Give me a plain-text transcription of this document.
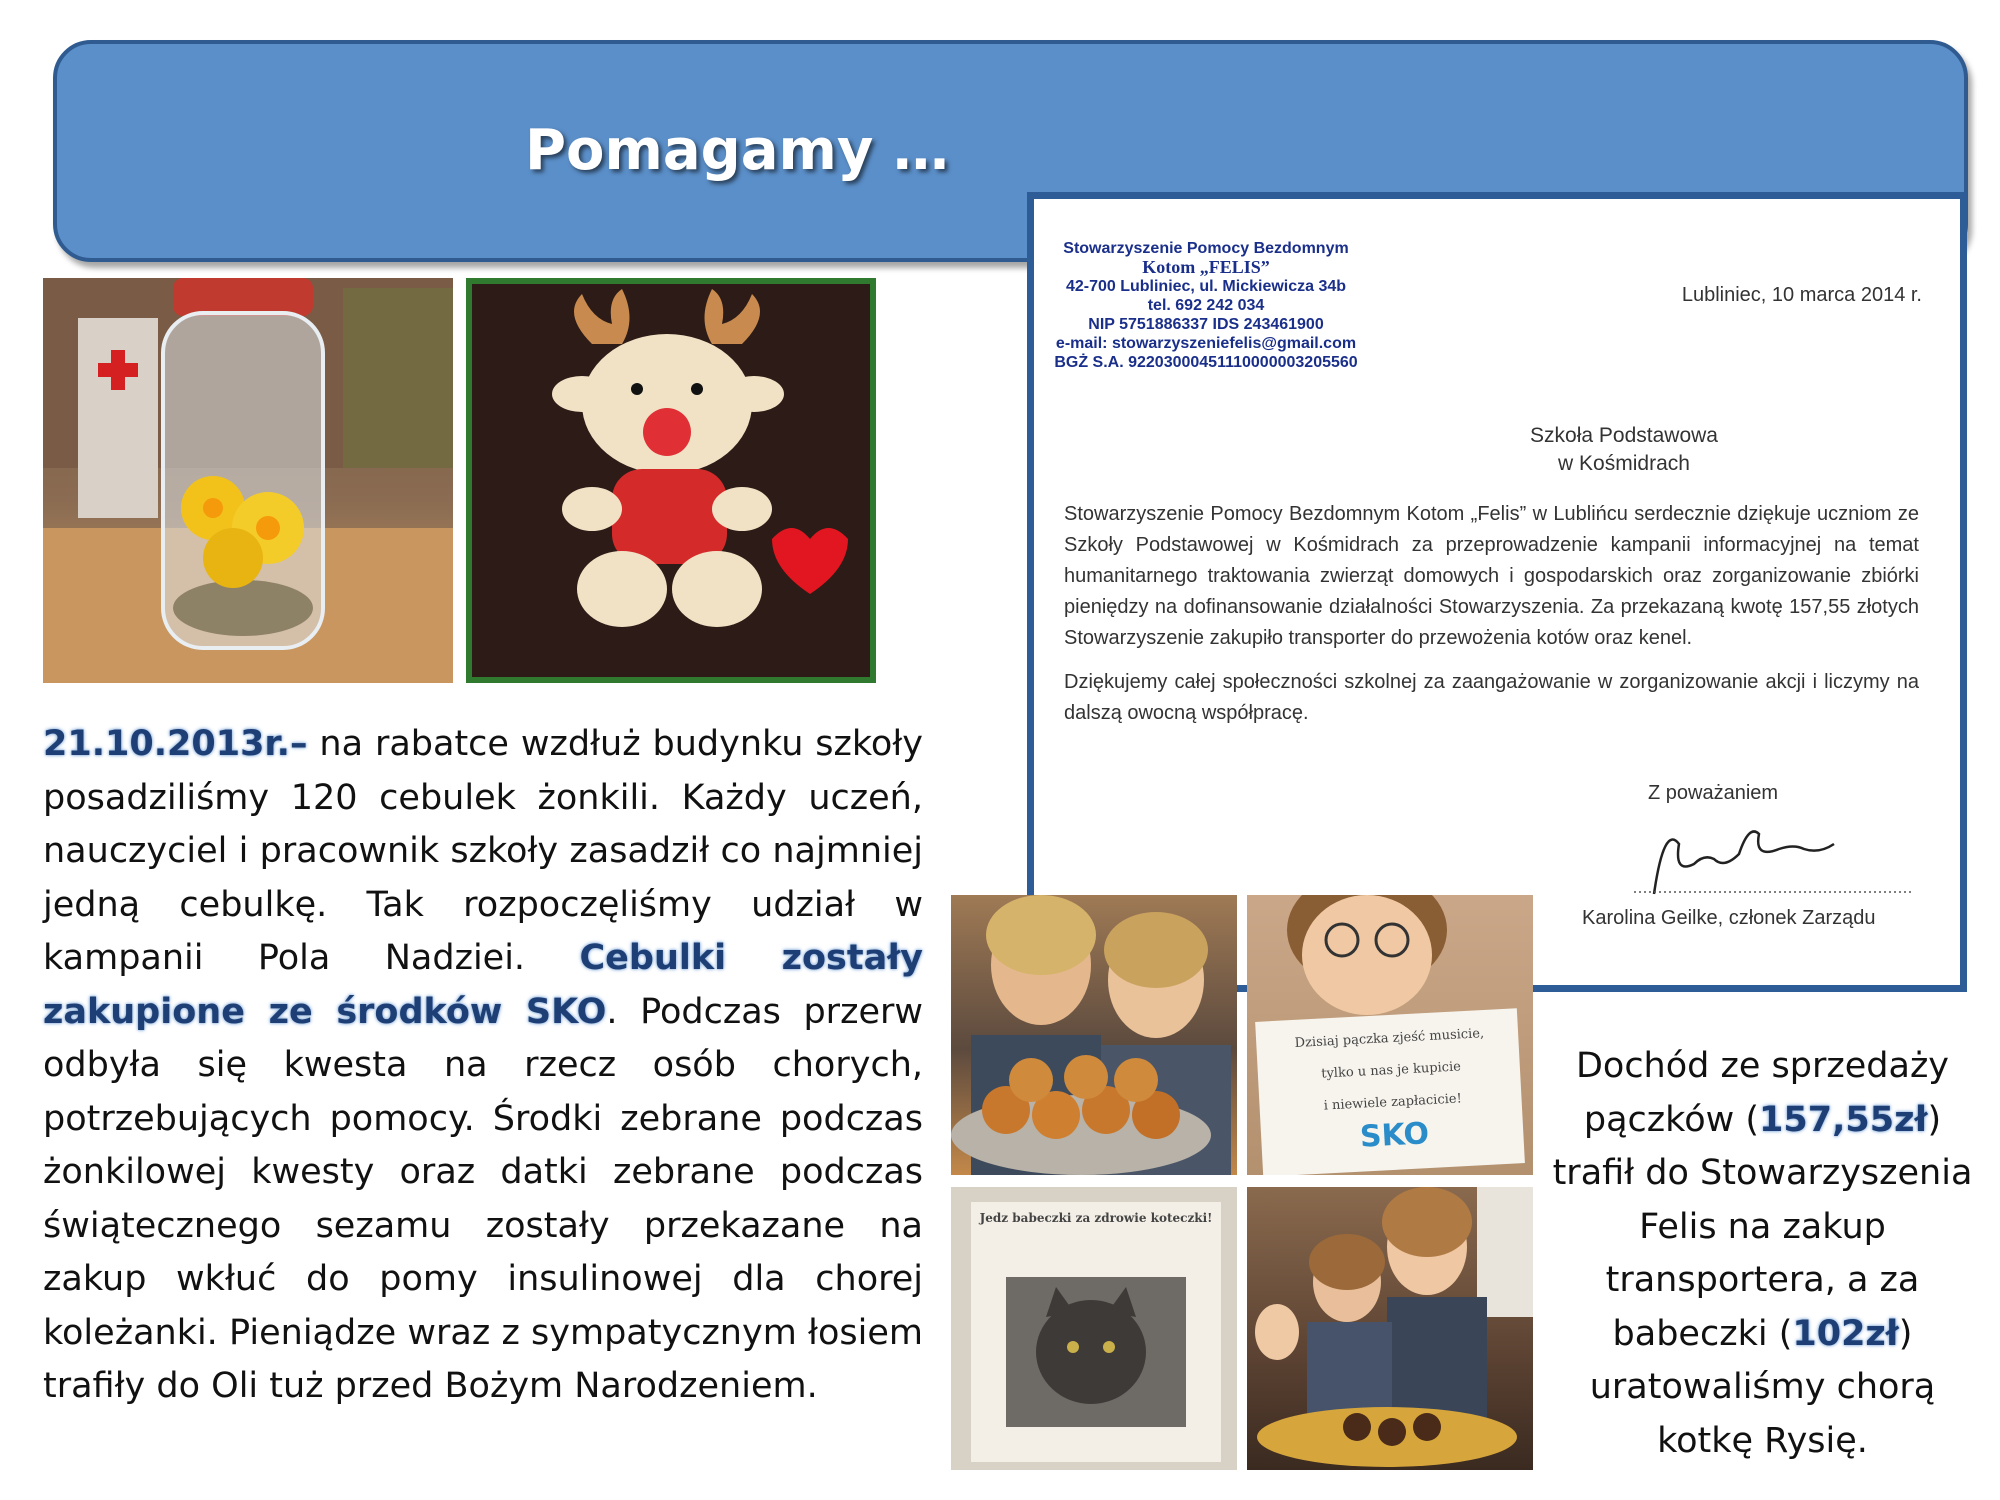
Pomagamy …
Stowarzyszenie Pomocy Bezdomnym
Kotom „FELIS”
42-700 Lubliniec, ul. Mickiewicza 34b
tel. 692 242 034
NIP 5751886337 IDS 243461900
e-mail: stowarzyszeniefelis@gmail.com
BGŻ S.A. 92203000451110000003205560
Lubliniec, 10 marca 2014 r.
Szkoła Podstawowa
w Kośmidrach

Stowarzyszenie Pomocy Bezdomnym Kotom „Felis” w Lublińcu serdecznie dziękuje uczniom ze Szkoły Podstawowej w Kośmidrach za przeprowadzenie kampanii informacyjnej na temat humanitarnego traktowania zwierząt domowych i gospodarskich oraz zorganizowanie zbiórki pieniędzy na dofinansowanie działalności Stowarzyszenia. Za przekazaną kwotę 157,55 złotych Stowarzyszenie zakupiło transporter do przewożenia kotów oraz kenel.

Dziękujemy całej społeczności szkolnej za zaangażowanie w zorganizowanie akcji i liczymy na dalszą owocną współpracę.

Z poważaniem
Karolina Geilke, członek Zarządu
Dzisiaj pączka zjeść musicie,
tylko u nas je kupicie
i niewiele zapłacicie!
SKO
Jedz babeczki za zdrowie koteczki!
21.10.2013r.– na rabatce wzdłuż budynku szkoły posadziliśmy 120 cebulek żonkili. Każdy uczeń, nauczyciel i pracownik szkoły zasadził co najmniej jedną cebulkę. Tak rozpoczęliśmy udział w kampanii Pola Nadziei. Cebulki zostały zakupione ze środków SKO. Podczas przerw odbyła się kwesta na rzecz osób chorych, potrzebujących pomocy. Środki zebrane podczas żonkilowej kwesty oraz datki zebrane podczas świątecznego sezamu zostały przekazane na zakup wkłuć do pomy insulinowej dla chorej koleżanki. Pieniądze wraz z sympatycznym łosiem trafiły do Oli tuż przed Bożym Narodzeniem.
Dochód ze sprzedaży pączków (157,55zł) trafił do Stowarzyszenia Felis na zakup transportera, a za babeczki (102zł) uratowaliśmy chorą kotkę Rysię.
